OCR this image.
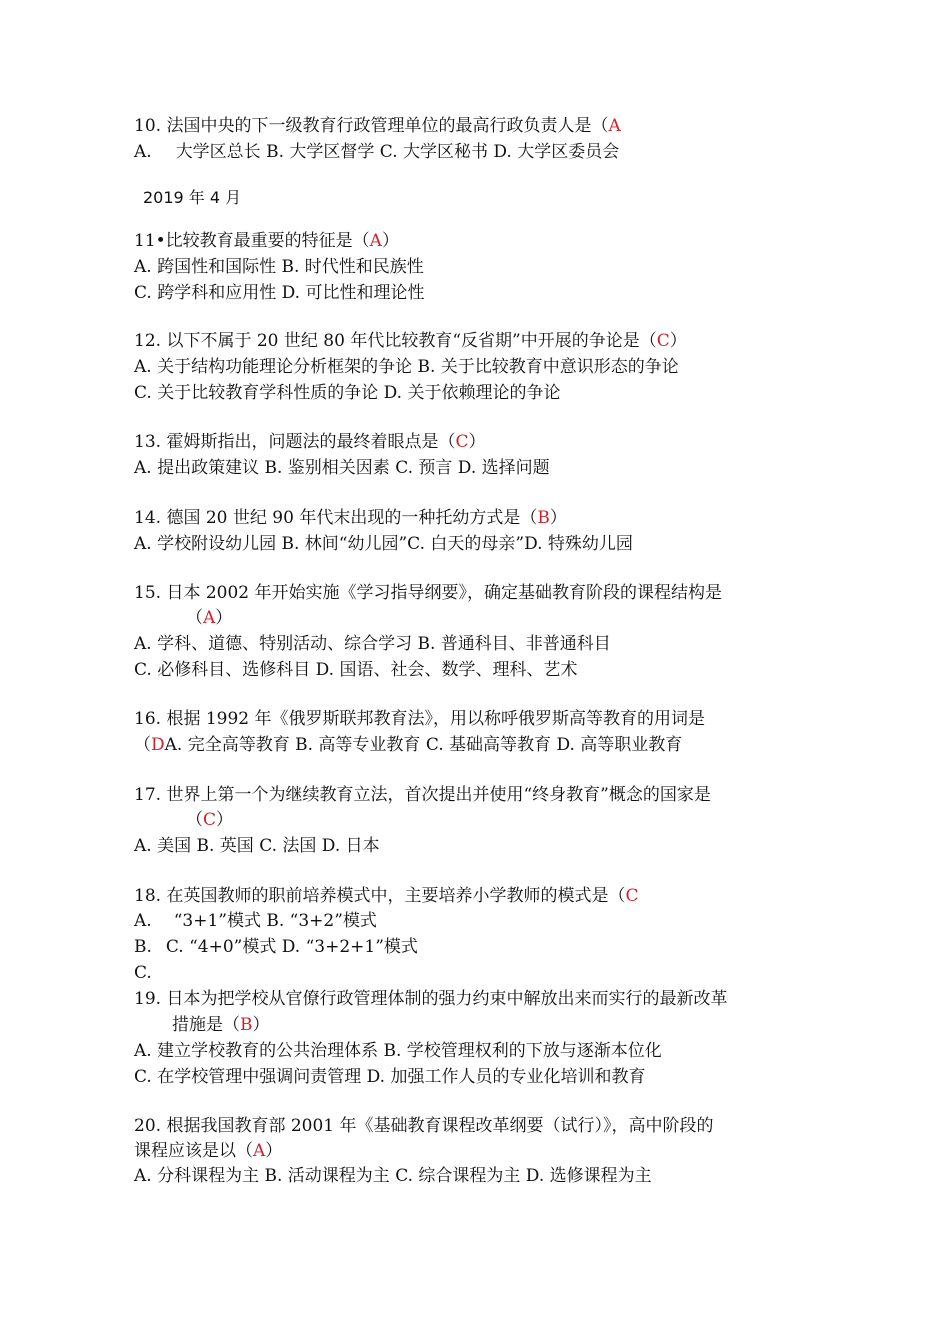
10. 法国中央的下一级教育行政管理单位的最高行政负责人是（A
A. 大学区总长 B. 大学区督学 C. 大学区秘书 D. 大学区委员会
2019 年 4 月
11•比较教育最重要的特征是（A）
A. 跨国性和国际性 B. 时代性和民族性
C. 跨学科和应用性 D. 可比性和理论性
12. 以下不属于 20 世纪 80 年代比较教育“反省期”中开展的争论是（C）
A. 关于结构功能理论分析框架的争论 B. 关于比较教育中意识形态的争论
C. 关于比较教育学科性质的争论 D. 关于依赖理论的争论
13. 霍姆斯指出，问题法的最终着眼点是（C）
A. 提出政策建议 B. 鉴别相关因素 C. 预言 D. 选择问题
14. 德国 20 世纪 90 年代末出现的一种托幼方式是（B）
A. 学校附设幼儿园 B. 林间“幼儿园”C. 白天的母亲”D. 特殊幼儿园
15. 日本 2002 年开始实施《学习指导纲要》，确定基础教育阶段的课程结构是
（A）
A. 学科、道德、特别活动、综合学习 B. 普通科目、非普通科目
C. 必修科目、选修科目 D. 国语、社会、数学、理科、艺术
16. 根据 1992 年《俄罗斯联邦教育法》，用以称呼俄罗斯高等教育的用词是
（DA. 完全高等教育 B. 高等专业教育 C. 基础高等教育 D. 高等职业教育
17. 世界上第一个为继续教育立法，首次提出并使用“终身教育”概念的国家是
（C）
A. 美国 B. 英国 C. 法国 D. 日本
18. 在英国教师的职前培养模式中，主要培养小学教师的模式是（C
A. “3+1”模式 B. “3+2”模式
B. C. “4+0”模式 D. “3+2+1”模式
C.
19. 日本为把学校从官僚行政管理体制的强力约束中解放出来而实行的最新改革
措施是（B）
A. 建立学校教育的公共治理体系 B. 学校管理权利的下放与逐渐本位化
C. 在学校管理中强调问责管理 D. 加强工作人员的专业化培训和教育
20. 根据我国教育部 2001 年《基础教育课程改革纲要（试行）》，高中阶段的
课程应该是以（A）
A. 分科课程为主 B. 活动课程为主 C. 综合课程为主 D. 选修课程为主
